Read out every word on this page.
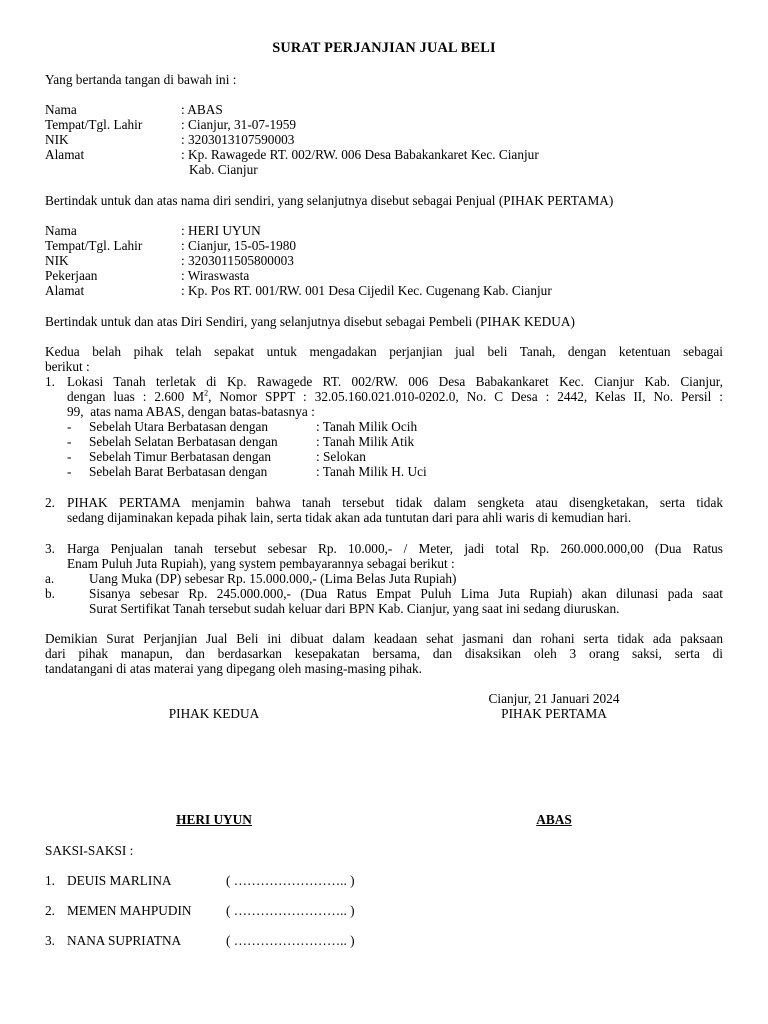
SURAT PERJANJIAN JUAL BELI
Yang bertanda tangan di bawah ini :
Nama	: ABAS
Tempat/Tgl. Lahir	: Cianjur, 31-07-1959
NIK	: 3203013107590003
Alamat	: Kp. Rawagede RT. 002/RW. 006 Desa Babakankaret Kec. Cianjur
Kab. Cianjur
Bertindak untuk dan atas nama diri sendiri, yang selanjutnya disebut sebagai Penjual (PIHAK PERTAMA)
Nama	: HERI UYUN
Tempat/Tgl. Lahir	: Cianjur, 15-05-1980
NIK	: 3203011505800003
Pekerjaan	: Wiraswasta
Alamat	: Kp. Pos RT. 001/RW. 001 Desa Cijedil Kec. Cugenang Kab. Cianjur
Bertindak untuk dan atas Diri Sendiri, yang selanjutnya disebut sebagai Pembeli (PIHAK KEDUA)
Kedua belah pihak telah sepakat untuk mengadakan perjanjian jual beli Tanah, dengan ketentuan sebagai
berikut :
1. Lokasi Tanah terletak di Kp. Rawagede RT. 002/RW. 006 Desa Babakankaret Kec. Cianjur Kab. Cianjur,
dengan luas : 2.600 $M^2$, Nomor SPPT : 32.05.160.021.010-0202.0, No. C Desa : 2442, Kelas II, No. Persil :
99,  atas nama ABAS, dengan batas-batasnya :
- Sebelah Utara Berbatasan dengan	: Tanah Milik Ocih
- Sebelah Selatan Berbatasan dengan	: Tanah Milik Atik
- Sebelah Timur Berbatasan dengan	: Selokan
- Sebelah Barat Berbatasan dengan	: Tanah Milik H. Uci
2. PIHAK PERTAMA menjamin bahwa tanah tersebut tidak dalam sengketa atau disengketakan, serta tidak
sedang dijaminakan kepada pihak lain, serta tidak akan ada tuntutan dari para ahli waris di kemudian hari.
3. Harga Penjualan tanah tersebut sebesar Rp. 10.000,- / Meter, jadi total Rp. 260.000.000,00 (Dua Ratus
Enam Puluh Juta Rupiah), yang system pembayarannya sebagai berikut :
a.	Uang Muka (DP) sebesar Rp. 15.000.000,- (Lima Belas Juta Rupiah)
b.	Sisanya sebesar Rp. 245.000.000,- (Dua Ratus Empat Puluh Lima Juta Rupiah) akan dilunasi pada saat
Surat Sertifikat Tanah tersebut sudah keluar dari BPN Kab. Cianjur, yang saat ini sedang diuruskan.
Demikian Surat Perjanjian Jual Beli ini dibuat dalam keadaan sehat jasmani dan rohani serta tidak ada paksaan
dari pihak manapun, dan berdasarkan kesepakatan bersama, dan disaksikan oleh 3 orang saksi, serta di
tandatangani di atas materai yang dipegang oleh masing-masing pihak.
Cianjur, 21 Januari 2024
PIHAK KEDUA	PIHAK PERTAMA
HERI UYUN	ABAS
SAKSI-SAKSI :
1. DEUIS MARLINA	( …………………….. )
2. MEMEN MAHPUDIN	( …………………….. )
3. NANA SUPRIATNA	( …………………….. )
